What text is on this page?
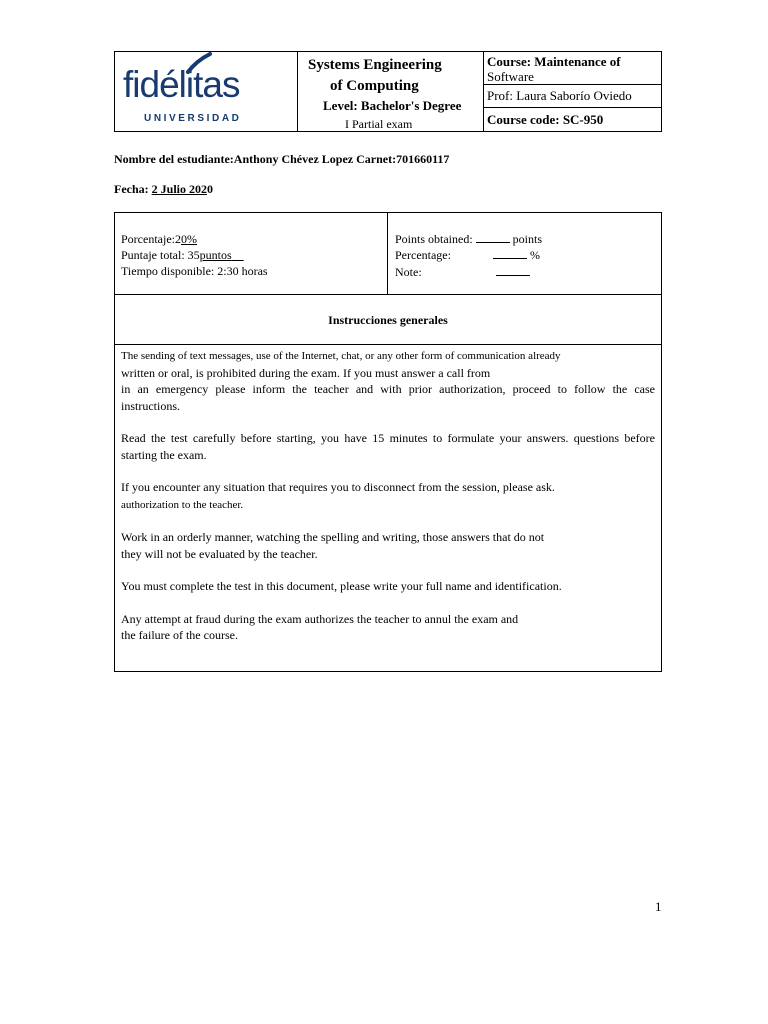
fidélitas
UNIVERSIDAD
Systems Engineering
of Computing
Level: Bachelor's Degree
I Partial exam
Course: Maintenance of
Software
Prof: Laura Saborío Oviedo
Course code: SC-950
Nombre del estudiante:Anthony Chévez Lopez Carnet:701660117
Fecha: 2 Julio 2020
Porcentaje:20%
Puntaje total: 35puntos
Tiempo disponible: 2:30 horas
Points obtained:	points
Percentage:	%
Note:
Instrucciones generales

The sending of text messages, use of the Internet, chat, or any other form of communication already
written or oral, is prohibited during the exam. If you must answer a call from
in an emergency please inform the teacher and with prior authorization, proceed to follow the case instructions.

Read the test carefully before starting, you have 15 minutes to formulate your answers. questions before starting the exam.

If you encounter any situation that requires you to disconnect from the session, please ask.
authorization to the teacher.

Work in an orderly manner, watching the spelling and writing, those answers that do not
they will not be evaluated by the teacher.

You must complete the test in this document, please write your full name and identification.

Any attempt at fraud during the exam authorizes the teacher to annul the exam and
the failure of the course.

1
